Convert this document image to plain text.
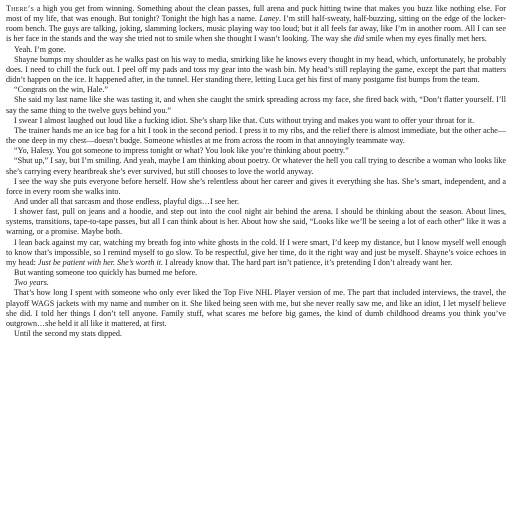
There’s a high you get from winning. Something about the clean passes, full arena and puck hitting twine that makes you buzz like nothing else. For most of my life, that was enough. But tonight? Tonight the high has a name. Laney. I’m still half-sweaty, half-buzzing, sitting on the edge of the locker-room bench. The guys are talking, joking, slamming lockers, music playing way too loud; but it all feels far away, like I’m in another room. All I can see is her face in the stands and the way she tried not to smile when she thought I wasn’t looking. The way she did smile when my eyes finally met hers.

Yeah. I’m gone.

Shayne bumps my shoulder as he walks past on his way to media, smirking like he knows every thought in my head, which, unfortunately, he probably does. I need to chill the fuck out. I peel off my pads and toss my gear into the wash bin. My head’s still replaying the game, except the part that matters didn’t happen on the ice. It happened after, in the tunnel. Her standing there, letting Luca get his first of many postgame fist bumps from the team.

“Congrats on the win, Hale.”

She said my last name like she was tasting it, and when she caught the smirk spreading across my face, she fired back with, “Don’t flatter yourself. I’ll say the same thing to the twelve guys behind you.”

I swear I almost laughed out loud like a fucking idiot. She’s sharp like that. Cuts without trying and makes you want to offer your throat for it.

The trainer hands me an ice bag for a hit I took in the second period. I press it to my ribs, and the relief there is almost immediate, but the other ache—the one deep in my chest—doesn’t budge. Someone whistles at me from across the room in that annoyingly teammate way.

“Yo, Halesy. You got someone to impress tonight or what? You look like you’re thinking about poetry.”

“Shut up,” I say, but I’m smiling. And yeah, maybe I am thinking about poetry. Or whatever the hell you call trying to describe a woman who looks like she’s carrying every heartbreak she’s ever survived, but still chooses to love the world anyway.

I see the way she puts everyone before herself. How she’s relentless about her career and gives it everything she has. She’s smart, independent, and a force in every room she walks into.

And under all that sarcasm and those endless, playful digs…I see her.

I shower fast, pull on jeans and a hoodie, and step out into the cool night air behind the arena. I should be thinking about the season. About lines, systems, transitions, tape-to-tape passes, but all I can think about is her. About how she said, “Looks like we’ll be seeing a lot of each other” like it was a warning, or a promise. Maybe both.

I lean back against my car, watching my breath fog into white ghosts in the cold. If I were smart, I’d keep my distance, but I know myself well enough to know that’s impossible, so I remind myself to go slow. To be respectful, give her time, do it the right way and just be myself. Shayne’s voice echoes in my head: Just be patient with her. She’s worth it. I already know that. The hard part isn’t patience, it’s pretending I don’t already want her.

But wanting someone too quickly has burned me before.

Two years.

That’s how long I spent with someone who only ever liked the Top Five NHL Player version of me. The part that included interviews, the travel, the playoff WAGS jackets with my name and number on it. She liked being seen with me, but she never really saw me, and like an idiot, I let myself believe she did. I told her things I don’t tell anyone. Family stuff, what scares me before big games, the kind of dumb childhood dreams you think you’ve outgrown…she held it all like it mattered, at first.

Until the second my stats dipped.
